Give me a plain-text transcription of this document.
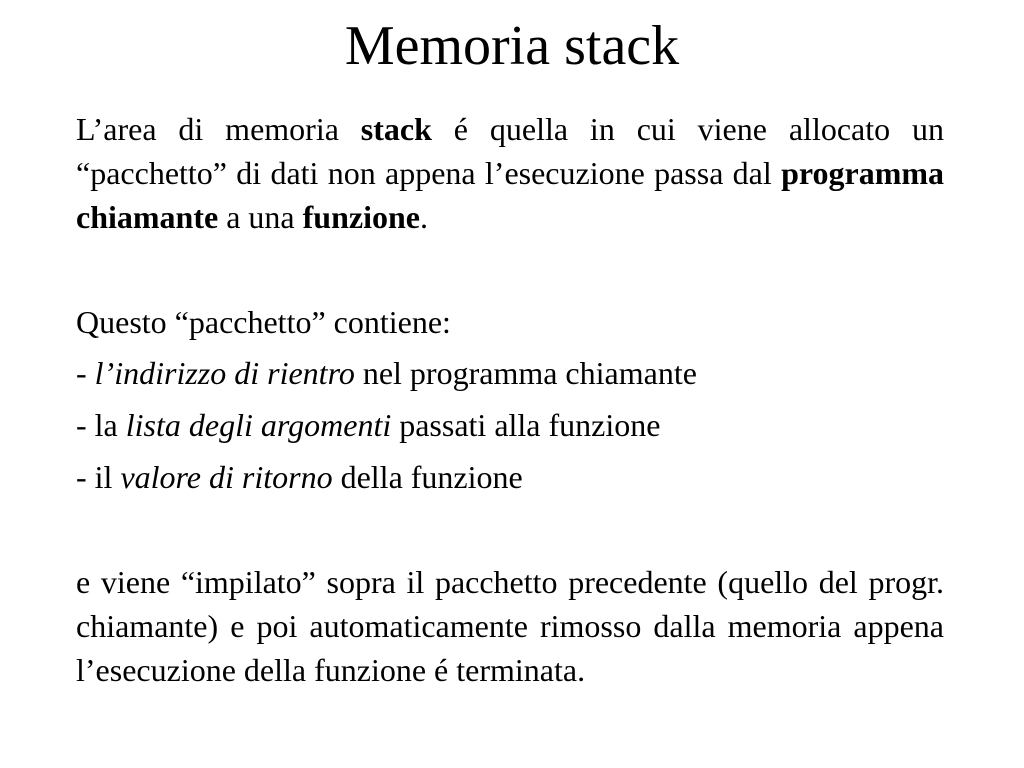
Memoria stack

L’area di memoria stack é quella in cui viene allocato un “pacchetto” di dati non appena l’esecuzione passa dal programma chiamante a una funzione.

Questo “pacchetto” contiene:

- l’indirizzo di rientro nel programma chiamante

- la lista degli argomenti passati alla funzione

- il valore di ritorno della funzione

e viene “impilato” sopra il pacchetto precedente (quello del progr. chiamante) e poi automaticamente rimosso dalla memoria appena l’esecuzione della funzione é terminata.
